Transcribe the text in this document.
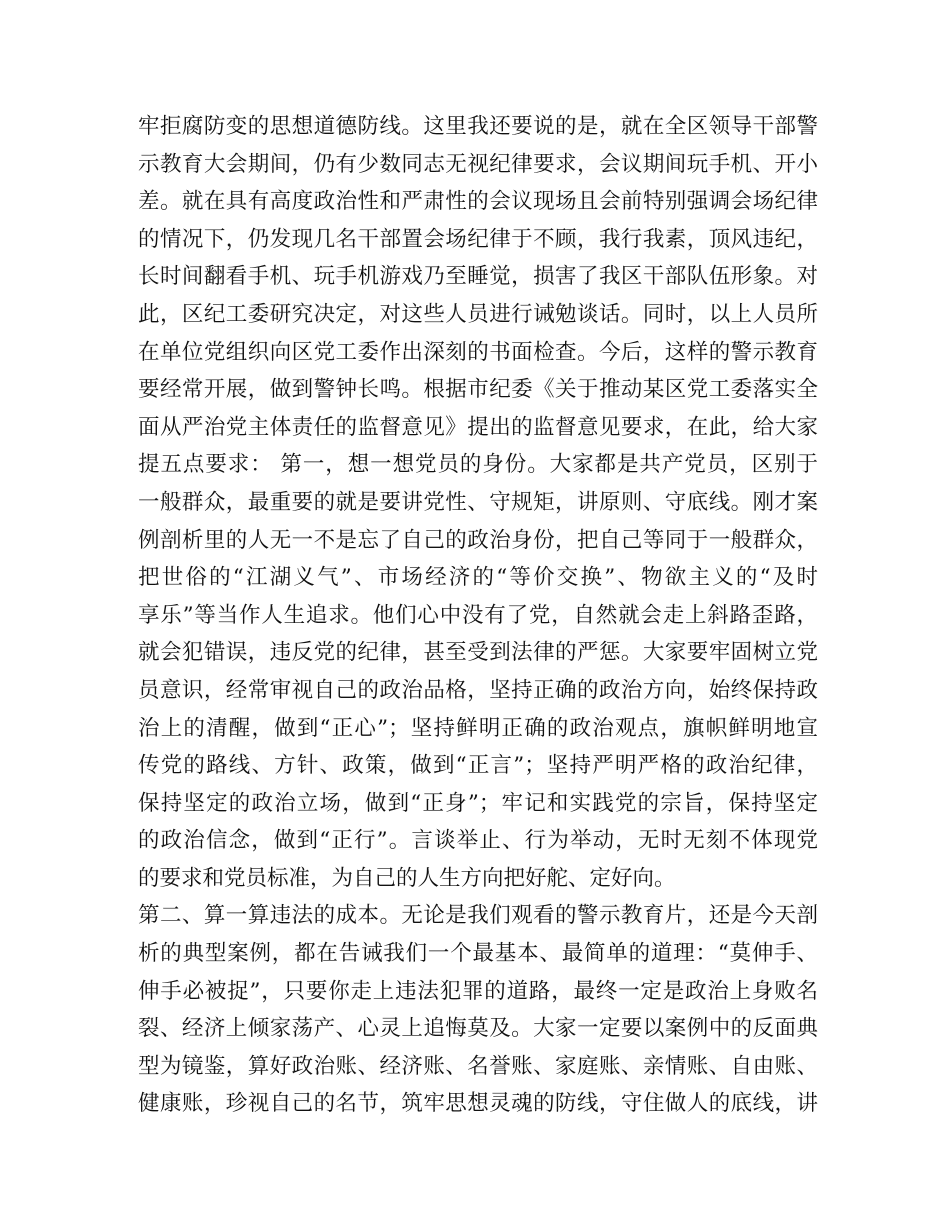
牢拒腐防变的思想道德防线。这里我还要说的是，就在全区领导干部警
示教育大会期间，仍有少数同志无视纪律要求，会议期间玩手机、开小
差。就在具有高度政治性和严肃性的会议现场且会前特别强调会场纪律
的情况下，仍发现几名干部置会场纪律于不顾，我行我素，顶风违纪，
长时间翻看手机、玩手机游戏乃至睡觉，损害了我区干部队伍形象。对
此，区纪工委研究决定，对这些人员进行诫勉谈话。同时，以上人员所
在单位党组织向区党工委作出深刻的书面检查。今后，这样的警示教育
要经常开展，做到警钟长鸣。根据市纪委《关于推动某区党工委落实全
面从严治党主体责任的监督意见》提出的监督意见要求，在此，给大家
提五点要求： 第一，想一想党员的身份。大家都是共产党员，区别于
一般群众，最重要的就是要讲党性、守规矩，讲原则、守底线。刚才案
例剖析里的人无一不是忘了自己的政治身份，把自己等同于一般群众，
把世俗的“江湖义气”、市场经济的“等价交换”、物欲主义的“及时
享乐”等当作人生追求。他们心中没有了党，自然就会走上斜路歪路，
就会犯错误，违反党的纪律，甚至受到法律的严惩。大家要牢固树立党
员意识，经常审视自己的政治品格，坚持正确的政治方向，始终保持政
治上的清醒，做到“正心”；坚持鲜明正确的政治观点，旗帜鲜明地宣
传党的路线、方针、政策，做到“正言”；坚持严明严格的政治纪律，
保持坚定的政治立场，做到“正身”；牢记和实践党的宗旨，保持坚定
的政治信念，做到“正行”。言谈举止、行为举动，无时无刻不体现党
的要求和党员标准，为自己的人生方向把好舵、定好向。
第二、算一算违法的成本。无论是我们观看的警示教育片，还是今天剖
析的典型案例，都在告诫我们一个最基本、最简单的道理：“莫伸手、
伸手必被捉”，只要你走上违法犯罪的道路，最终一定是政治上身败名
裂、经济上倾家荡产、心灵上追悔莫及。大家一定要以案例中的反面典
型为镜鉴，算好政治账、经济账、名誉账、家庭账、亲情账、自由账、
健康账，珍视自己的名节，筑牢思想灵魂的防线，守住做人的底线，讲
